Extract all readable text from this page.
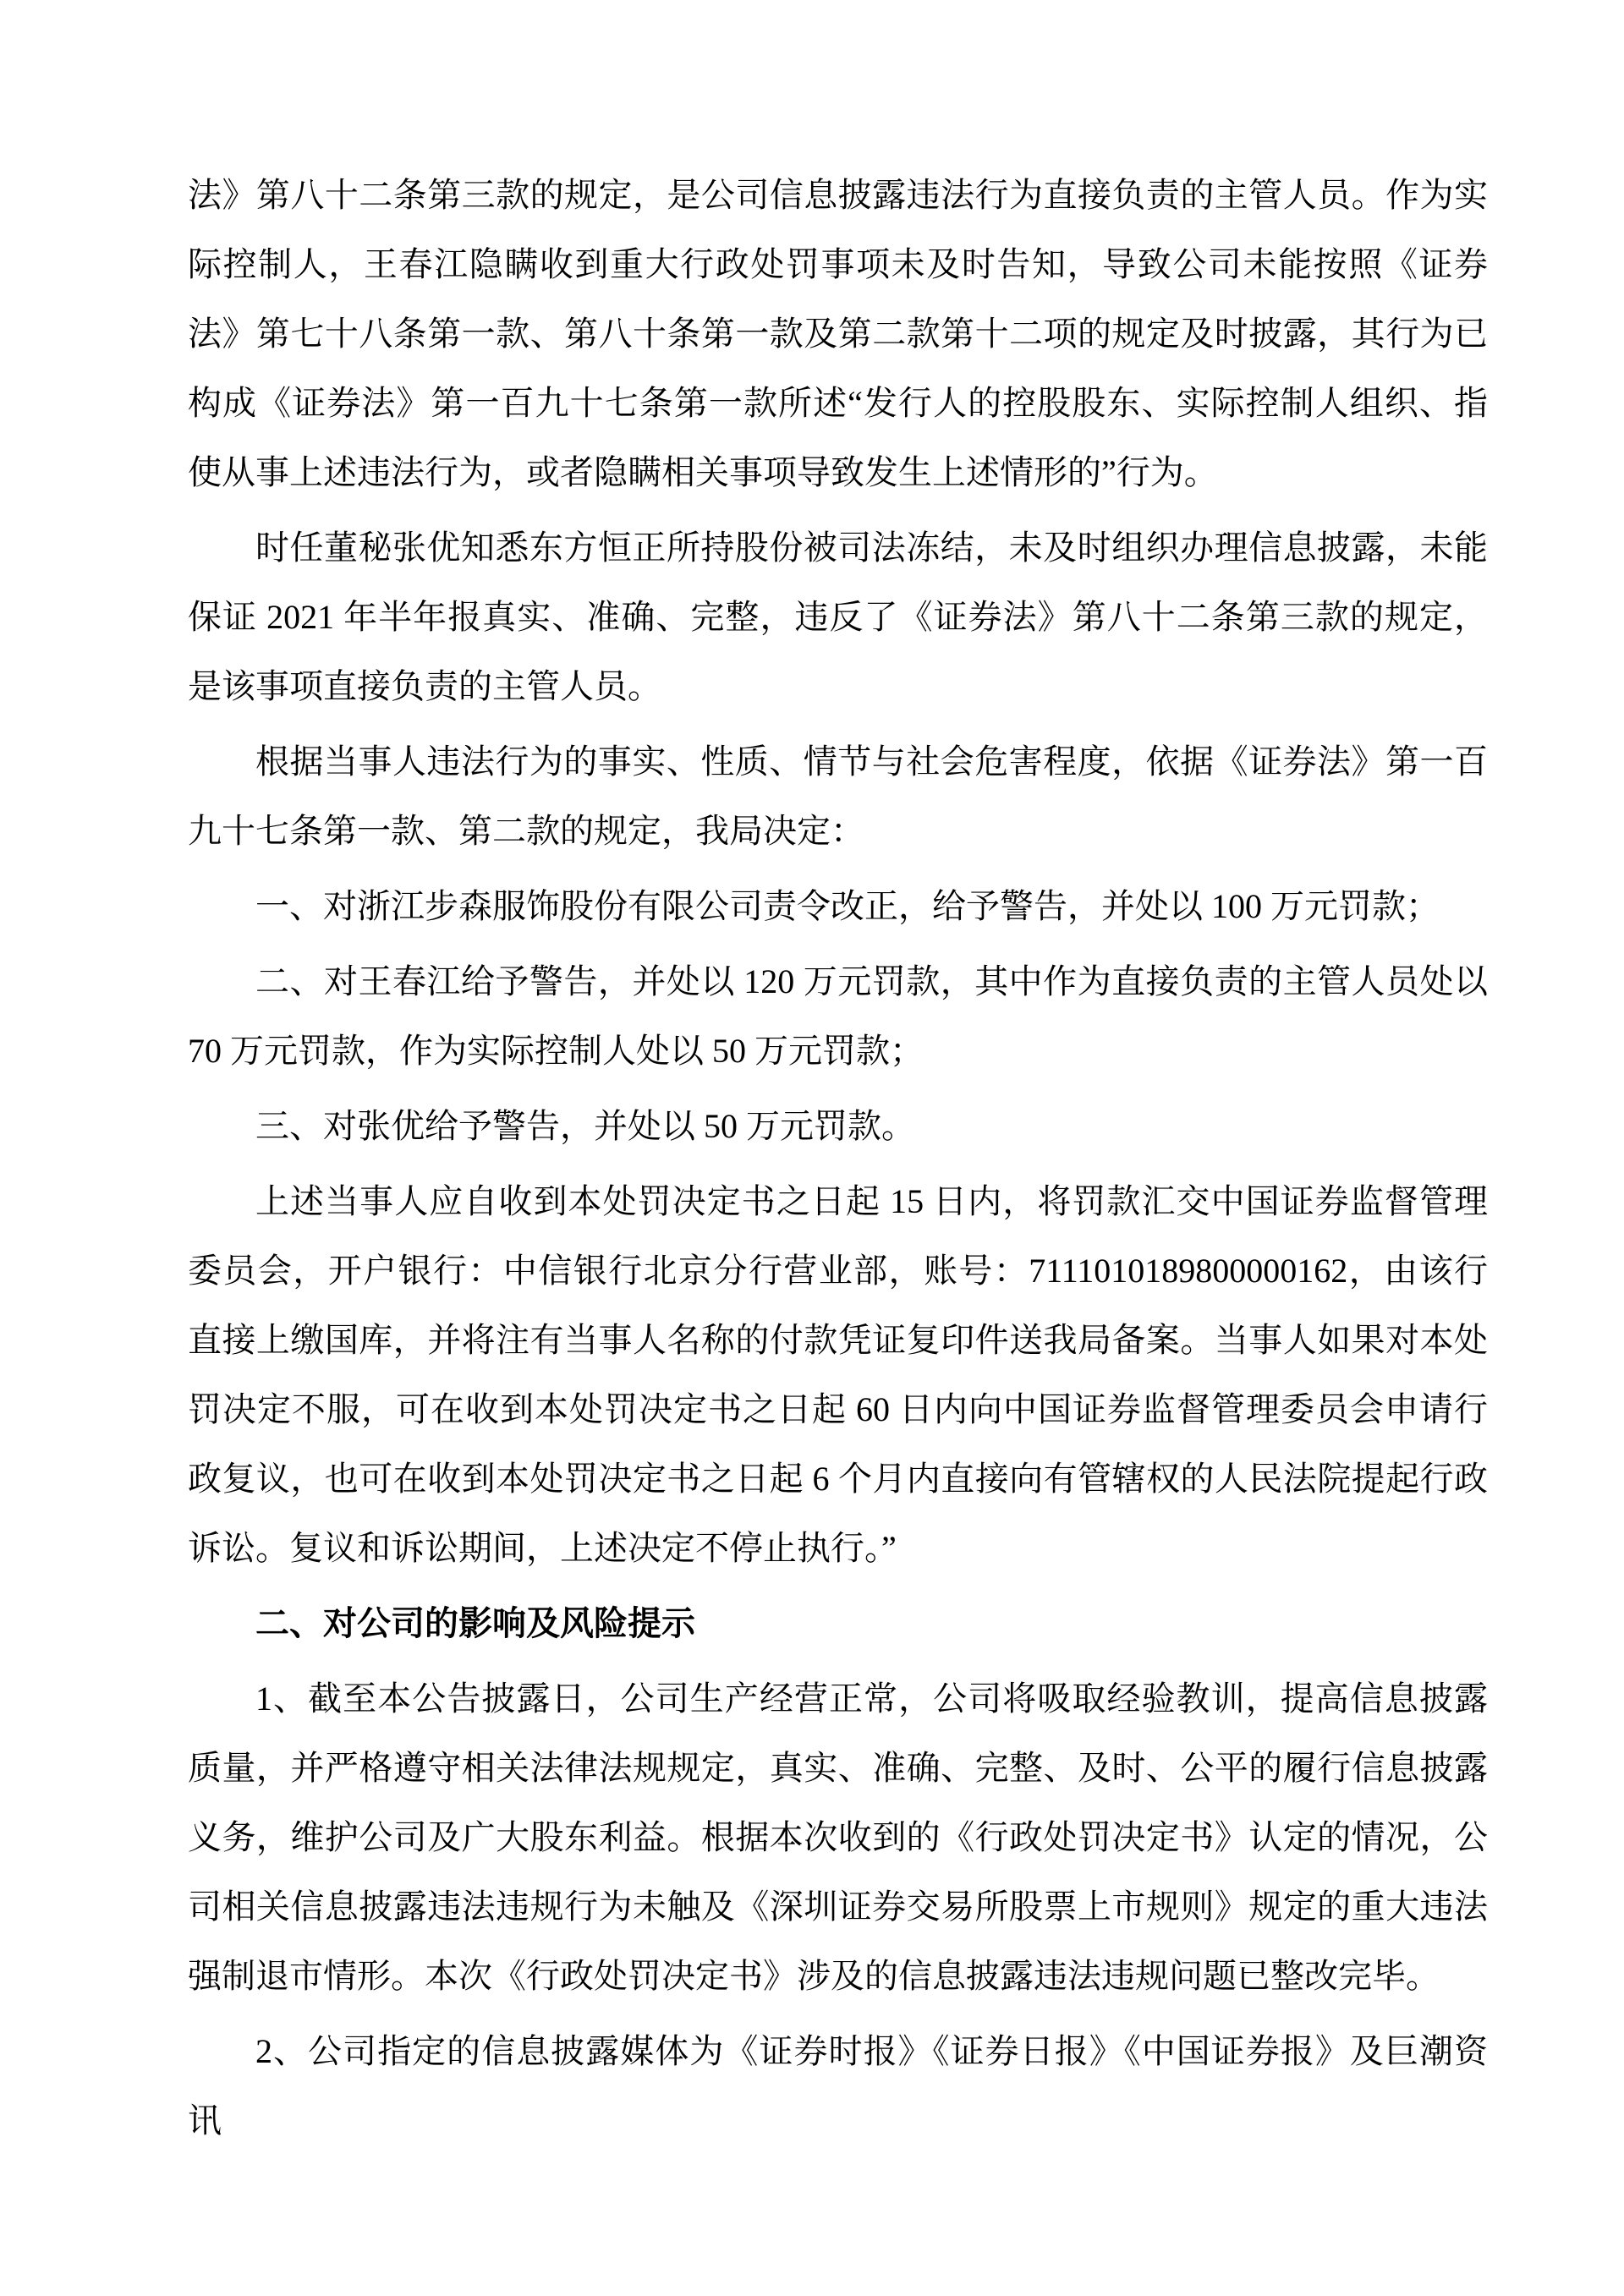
法》第八十二条第三款的规定，是公司信息披露违法行为直接负责的主管人员。作为实际控制人，王春江隐瞒收到重大行政处罚事项未及时告知，导致公司未能按照《证券法》第七十八条第一款、第八十条第一款及第二款第十二项的规定及时披露，其行为已构成《证券法》第一百九十七条第一款所述“发行人的控股股东、实际控制人组织、指使从事上述违法行为，或者隐瞒相关事项导致发生上述情形的”行为。

时任董秘张优知悉东方恒正所持股份被司法冻结，未及时组织办理信息披露，未能保证 2021 年半年报真实、准确、完整，违反了《证券法》第八十二条第三款的规定，是该事项直接负责的主管人员。

根据当事人违法行为的事实、性质、情节与社会危害程度，依据《证券法》第一百九十七条第一款、第二款的规定，我局决定：

一、对浙江步森服饰股份有限公司责令改正，给予警告，并处以 100 万元罚款；

二、对王春江给予警告，并处以 120 万元罚款，其中作为直接负责的主管人员处以 70 万元罚款，作为实际控制人处以 50 万元罚款；

三、对张优给予警告，并处以 50 万元罚款。

上述当事人应自收到本处罚决定书之日起 15 日内，将罚款汇交中国证券监督管理委员会，开户银行：中信银行北京分行营业部，账号：7111010189800000162，由该行直接上缴国库，并将注有当事人名称的付款凭证复印件送我局备案。当事人如果对本处罚决定不服，可在收到本处罚决定书之日起 60 日内向中国证券监督管理委员会申请行政复议，也可在收到本处罚决定书之日起 6 个月内直接向有管辖权的人民法院提起行政诉讼。复议和诉讼期间，上述决定不停止执行。”

二、对公司的影响及风险提示

1、截至本公告披露日，公司生产经营正常，公司将吸取经验教训，提高信息披露质量，并严格遵守相关法律法规规定，真实、准确、完整、及时、公平的履行信息披露义务，维护公司及广大股东利益。根据本次收到的《行政处罚决定书》认定的情况，公司相关信息披露违法违规行为未触及《深圳证券交易所股票上市规则》规定的重大违法强制退市情形。本次《行政处罚决定书》涉及的信息披露违法违规问题已整改完毕。

2、公司指定的信息披露媒体为《证券时报》《证券日报》《中国证券报》及巨潮资讯
